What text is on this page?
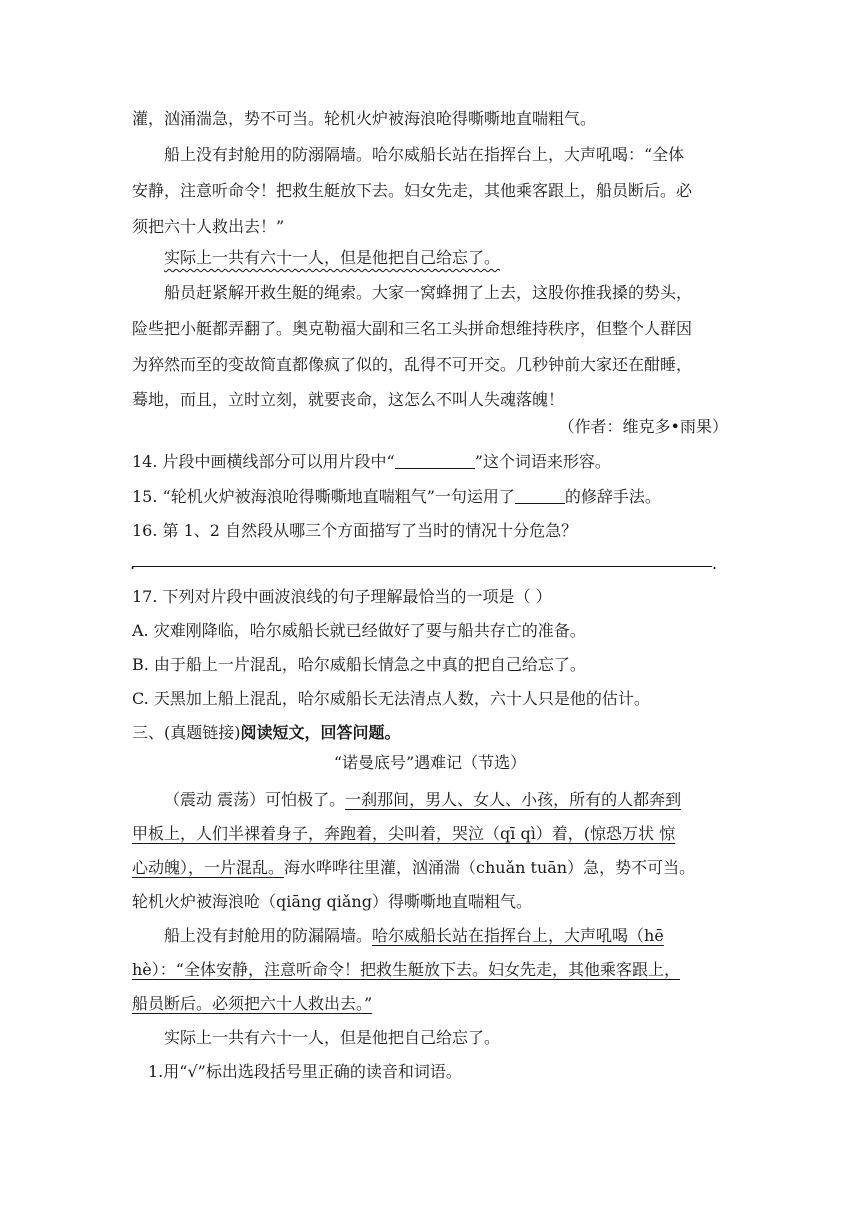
灌，汹涌湍急，势不可当。轮机火炉被海浪呛得嘶嘶地直喘粗气。
船上没有封舱用的防溺隔墙。哈尔威船长站在指挥台上，大声吼喝：“全体
安静，注意听命令！把救生艇放下去。妇女先走，其他乘客跟上，船员断后。必
须把六十人救出去！”
实际上一共有六十一人，但是他把自己给忘了。
船员赶紧解开救生艇的绳索。大家一窝蜂拥了上去，这股你推我搡的势头，
险些把小艇都弄翻了。奥克勒福大副和三名工头拼命想维持秩序，但整个人群因
为猝然而至的变故简直都像疯了似的，乱得不可开交。几秒钟前大家还在酣睡，
蓦地，而且，立时立刻，就要丧命，这怎么不叫人失魂落魄！
（作者：维克多•雨果）
14. 片段中画横线部分可以用片段中“	”这个词语来形容。
15. “轮机火炉被海浪呛得嘶嘶地直喘粗气”一句运用了	的修辞手法。
16. 第 1、2 自然段从哪三个方面描写了当时的情况十分危急？
.	.
17. 下列对片段中画波浪线的句子理解最恰当的一项是（ ）
A. 灾难刚降临，哈尔威船长就已经做好了要与船共存亡的准备。
B. 由于船上一片混乱，哈尔威船长情急之中真的把自己给忘了。
C. 天黑加上船上混乱，哈尔威船长无法清点人数，六十人只是他的估计。
三、(真题链接)阅读短文，回答问题。
“诺曼底号”遇难记（节选）
（震动 震荡）可怕极了。一刹那间，男人、女人、小孩，所有的人都奔到
甲板上，人们半裸着身子，奔跑着，尖叫着，哭泣（qī qì）着，(惊恐万状 惊
心动魄），一片混乱。海水哗哗往里灌，汹涌湍（chuǎn tuān）急，势不可当。
轮机火炉被海浪呛（qiāng qiǎng）得嘶嘶地直喘粗气。
船上没有封舱用的防漏隔墙。哈尔威船长站在指挥台上，大声吼喝（hē
hè）：“全体安静，注意听命令！把救生艇放下去。妇女先走，其他乘客跟上，
船员断后。必须把六十人救出去。”
实际上一共有六十一人，但是他把自己给忘了。
1.用“√”标出选段括号里正确的读音和词语。
